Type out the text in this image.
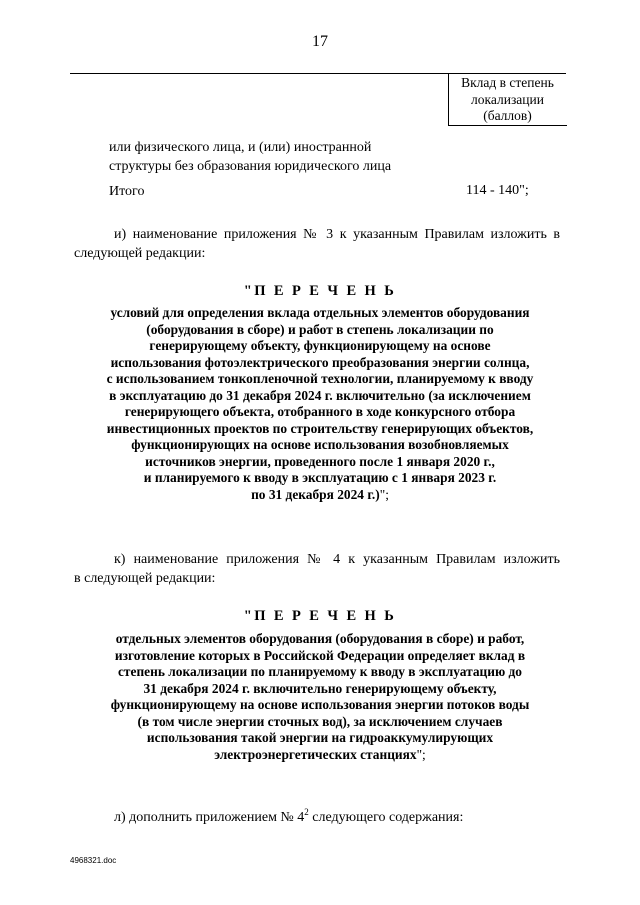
17
Вклад в степень
локализации
(баллов)
или физического лица, и (или) иностранной
структуры без образования юридического лица
Итого	114 - 140";
и) наименование приложения № 3 к указанным Правилам изложить в
следующей редакции:
"П Е Р Е Ч Е Н Ь
условий для определения вклада отдельных элементов оборудования
(оборудования в сборе) и работ в степень локализации по
генерирующему объекту, функционирующему на основе
использования фотоэлектрического преобразования энергии солнца,
с использованием тонкопленочной технологии, планируемому к вводу
в эксплуатацию до 31 декабря 2024 г. включительно (за исключением
генерирующего объекта, отобранного в ходе конкурсного отбора
инвестиционных проектов по строительству генерирующих объектов,
функционирующих на основе использования возобновляемых
источников энергии, проведенного после 1 января 2020 г.,
и планируемого к вводу в эксплуатацию с 1 января 2023 г.
по 31 декабря 2024 г.)";
к) наименование приложения № 4 к указанным Правилам изложить
в следующей редакции:
"П Е Р Е Ч Е Н Ь
отдельных элементов оборудования (оборудования в сборе) и работ,
изготовление которых в Российской Федерации определяет вклад в
степень локализации по планируемому к вводу в эксплуатацию до
31 декабря 2024 г. включительно генерирующему объекту,
функционирующему на основе использования энергии потоков воды
(в том числе энергии сточных вод), за исключением случаев
использования такой энергии на гидроаккумулирующих
электроэнергетических станциях";
л) дополнить приложением № $4^2$ следующего содержания:
4968321.doc
